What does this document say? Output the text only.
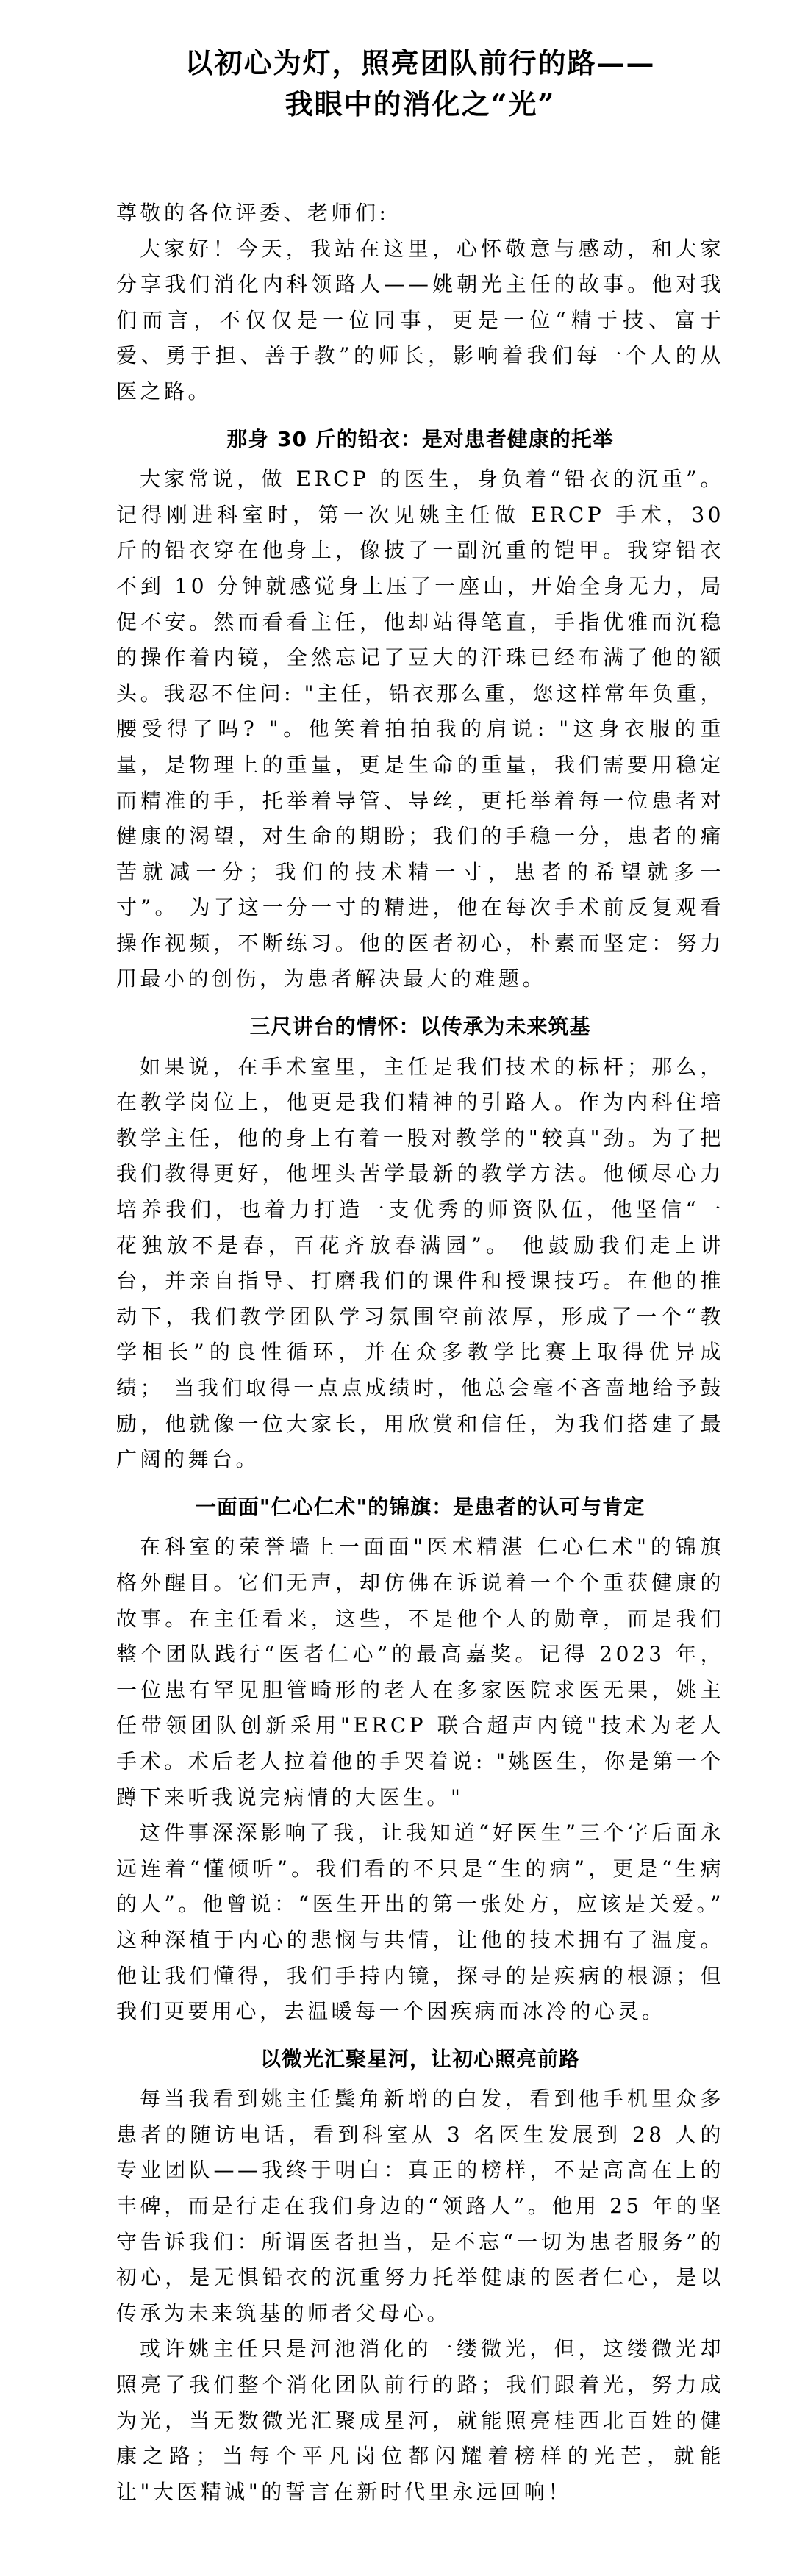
以初心为灯，照亮团队前行的路——
我眼中的消化之“光”

尊敬的各位评委、老师们:

大家好！今天，我站在这里，心怀敬意与感动，和大家分享我们消化内科领路人——姚朝光主任的故事。他对我们而言，不仅仅是一位同事，更是一位“精于技、富于爱、勇于担、善于教”的师长，影响着我们每一个人的从医之路。

那身 30 斤的铅衣：是对患者健康的托举

大家常说，做 ERCP 的医生，身负着“铅衣的沉重”。记得刚进科室时，第一次见姚主任做 ERCP 手术，30 斤的铅衣穿在他身上，像披了一副沉重的铠甲。我穿铅衣不到 10 分钟就感觉身上压了一座山，开始全身无力，局促不安。然而看看主任，他却站得笔直，手指优雅而沉稳的操作着内镜，全然忘记了豆大的汗珠已经布满了他的额头。我忍不住问: "主任，铅衣那么重，您这样常年负重，腰受得了吗? "。他笑着拍拍我的肩说: "这身衣服的重量，是物理上的重量，更是生命的重量，我们需要用稳定而精准的手，托举着导管、导丝，更托举着每一位患者对健康的渴望，对生命的期盼；我们的手稳一分，患者的痛苦就减一分；我们的技术精一寸，患者的希望就多一寸”。 为了这一分一寸的精进，他在每次手术前反复观看操作视频，不断练习。他的医者初心，朴素而坚定：努力用最小的创伤，为患者解决最大的难题。

三尺讲台的情怀：以传承为未来筑基

如果说，在手术室里，主任是我们技术的标杆；那么，在教学岗位上，他更是我们精神的引路人。作为内科住培教学主任，他的身上有着一股对教学的"较真"劲。为了把我们教得更好，他埋头苦学最新的教学方法。他倾尽心力培养我们，也着力打造一支优秀的师资队伍，他坚信“一花独放不是春，百花齐放春满园”。 他鼓励我们走上讲台，并亲自指导、打磨我们的课件和授课技巧。在他的推动下，我们教学团队学习氛围空前浓厚，形成了一个“教学相长”的良性循环，并在众多教学比赛上取得优异成绩； 当我们取得一点点成绩时，他总会毫不吝啬地给予鼓励，他就像一位大家长，用欣赏和信任，为我们搭建了最广阔的舞台。

一面面"仁心仁术"的锦旗：是患者的认可与肯定

在科室的荣誉墙上一面面"医术精湛 仁心仁术"的锦旗格外醒目。它们无声，却仿佛在诉说着一个个重获健康的故事。在主任看来，这些，不是他个人的勋章，而是我们整个团队践行“医者仁心”的最高嘉奖。记得 2023 年，一位患有罕见胆管畸形的老人在多家医院求医无果，姚主任带领团队创新采用"ERCP 联合超声内镜"技术为老人手术。术后老人拉着他的手哭着说: "姚医生，你是第一个蹲下来听我说完病情的大医生。"

这件事深深影响了我，让我知道“好医生”三个字后面永远连着“懂倾听”。我们看的不只是“生的病”，更是“生病的人”。他曾说：“医生开出的第一张处方，应该是关爱。”这种深植于内心的悲悯与共情，让他的技术拥有了温度。他让我们懂得，我们手持内镜，探寻的是疾病的根源；但我们更要用心，去温暖每一个因疾病而冰冷的心灵。

以微光汇聚星河，让初心照亮前路

每当我看到姚主任鬓角新增的白发，看到他手机里众多患者的随访电话，看到科室从 3 名医生发展到 28 人的专业团队——我终于明白：真正的榜样，不是高高在上的丰碑，而是行走在我们身边的“领路人”。他用 25 年的坚守告诉我们：所谓医者担当，是不忘“一切为患者服务”的初心，是无惧铅衣的沉重努力托举健康的医者仁心，是以传承为未来筑基的师者父母心。

或许姚主任只是河池消化的一缕微光，但，这缕微光却照亮了我们整个消化团队前行的路；我们跟着光，努力成为光，当无数微光汇聚成星河，就能照亮桂西北百姓的健康之路；当每个平凡岗位都闪耀着榜样的光芒，就能让"大医精诚"的誓言在新时代里永远回响！
